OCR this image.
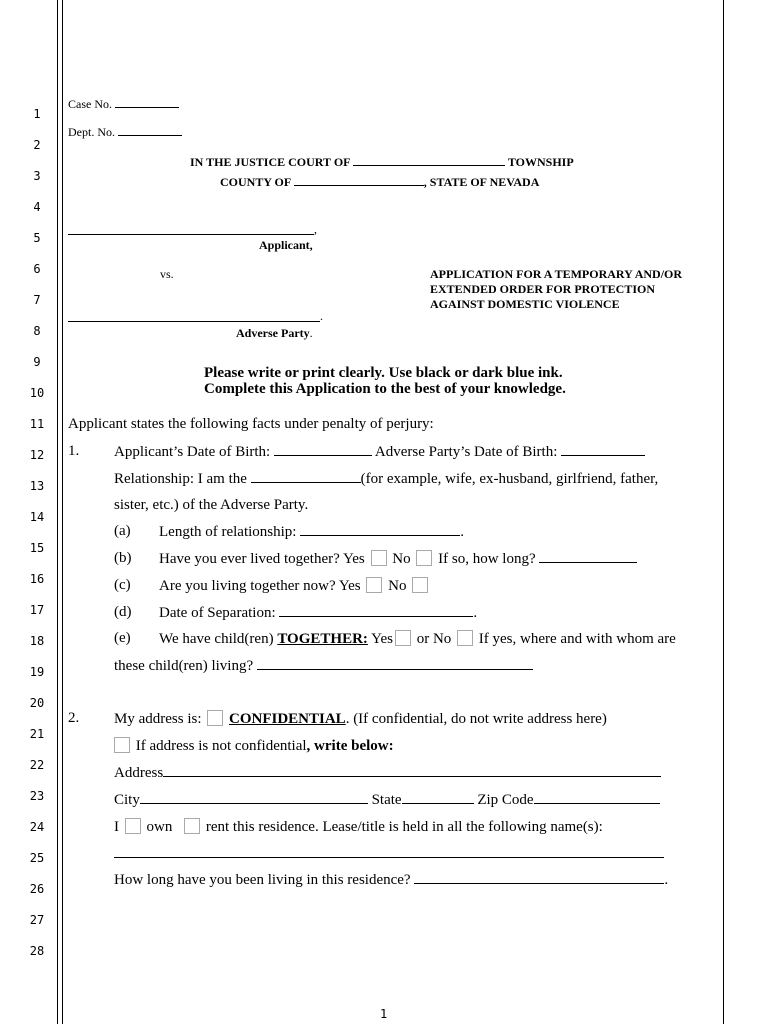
1
2
3
4
5
6
7
8
9
10
11
12
13
14
15
16
17
18
19
20
21
22
23
24
25
26
27
28
Case No.
Dept. No.
IN THE JUSTICE COURT OF	TOWNSHIP
COUNTY OF	, STATE OF NEVADA
,
Applicant,
vs.	APPLICATION FOR A TEMPORARY AND/OR
EXTENDED ORDER FOR PROTECTION
AGAINST DOMESTIC VIOLENCE
.
Adverse Party.
Please write or print clearly. Use black or dark blue ink.
Complete this Application to the best of your knowledge.
Applicant states the following facts under penalty of perjury:
1. Applicant’s Date of Birth:	Adverse Party’s Date of Birth:
Relationship: I am the	(for example, wife, ex-husband, girlfriend, father,
sister, etc.) of the Adverse Party.
(a) Length of relationship:	.
(b) Have you ever lived together? Yes No If so, how long?
(c) Are you living together now? Yes No
(d) Date of Separation:	.
(e) We have child(ren) TOGETHER: Yes or No If yes, where and with whom are
these child(ren) living?
2. My address is: CONFIDENTIAL. (If confidential, do not write address here)
If address is not confidential, write below:
Address
City	State	Zip Code
I own rent this residence. Lease/title is held in all the following name(s):
How long have you been living in this residence?	.
1
